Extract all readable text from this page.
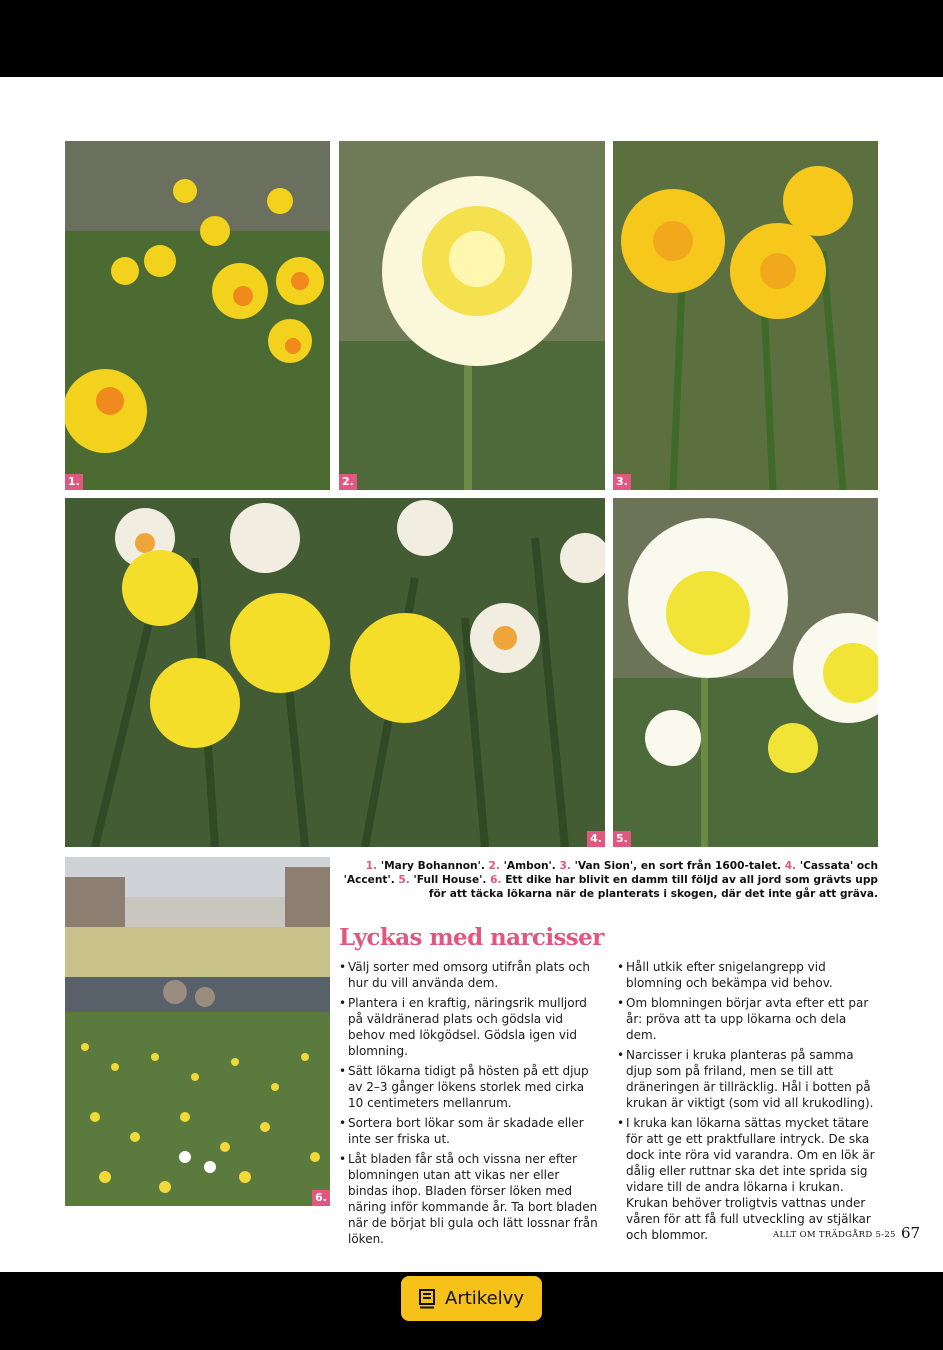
1.	2.	3.
4. 5.
6.
1. 'Mary Bohannon'. 2. 'Ambon'. 3. 'Van Sion', en sort från 1600-talet. 4. 'Cassata' och 'Accent'. 5. 'Full House'. 6. Ett dike har blivit en damm till följd av all jord som grävts upp för att täcka lökarna när de planterats i skogen, där det inte går att gräva.
Lyckas med narcisser
• Välj sorter med omsorg utifrån plats och hur du vill använda dem.
• Plantera i en kraftig, näringsrik mulljord på väldränerad plats och gödsla vid behov med lökgödsel. Gödsla igen vid blomning.
• Sätt lökarna tidigt på hösten på ett djup av 2–3 gånger lökens storlek med cirka 10 centimeters mellanrum.
• Sortera bort lökar som är skadade eller inte ser friska ut.
• Låt bladen får stå och vissna ner efter blomningen utan att vikas ner eller bindas ihop. Bladen förser löken med näring inför kommande år. Ta bort bladen när de börjat bli gula och lätt lossnar från löken.
• Håll utkik efter snigelangrepp vid blomning och bekämpa vid behov.
• Om blomningen börjar avta efter ett par år: pröva att ta upp lökarna och dela dem.
• Narcisser i kruka planteras på samma djup som på friland, men se till att dräneringen är tillräcklig. Hål i botten på krukan är viktigt (som vid all krukodling).
• I kruka kan lökarna sättas mycket tätare för att ge ett praktfullare intryck. De ska dock inte röra vid varandra. Om en lök är dålig eller ruttnar ska det inte sprida sig vidare till de andra lökarna i krukan. Krukan behöver troligtvis vattnas under våren för att få full utveckling av stjälkar och blommor.	ALLT OM TRÄDGÅRD 5-25 67
Artikelvy
